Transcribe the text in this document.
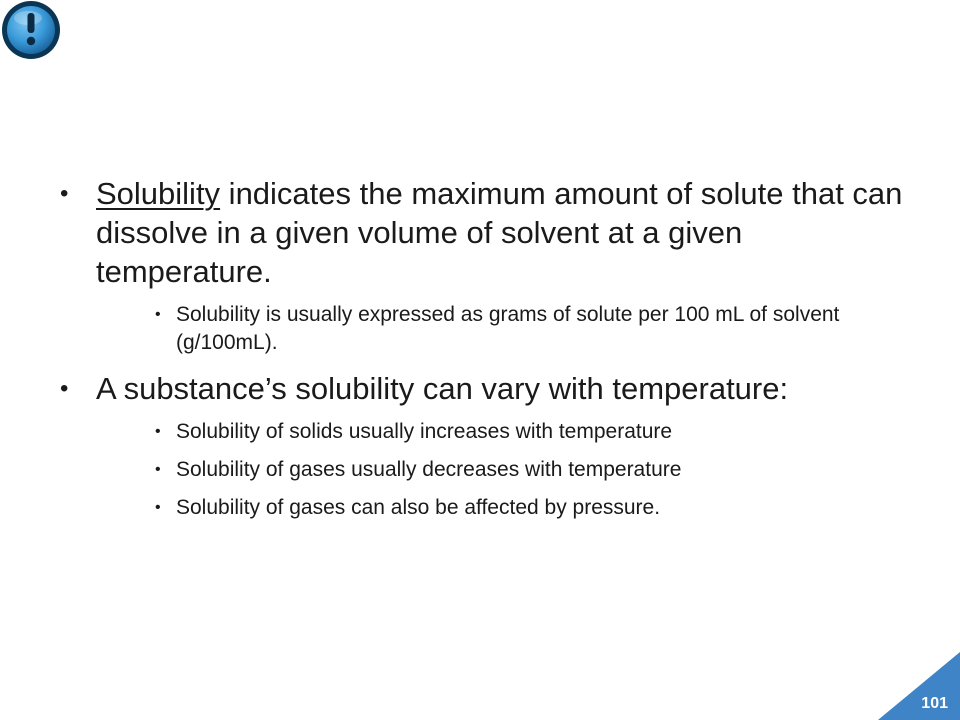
• Solubility indicates the maximum amount of solute that can dissolve in a given volume of solvent at a given temperature.
• Solubility is usually expressed as grams of solute per 100 mL of solvent (g/100mL).
• A substance’s solubility can vary with temperature:
• Solubility of solids usually increases with temperature
• Solubility of gases usually decreases with temperature
• Solubility of gases can also be affected by pressure.
101
